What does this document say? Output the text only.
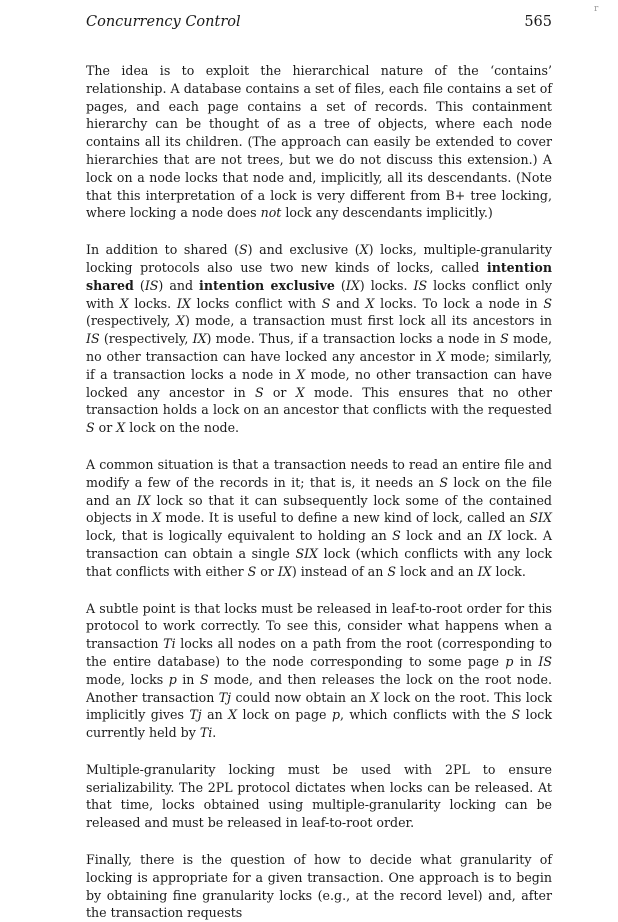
Concurrency Control	565
r

The idea is to exploit the hierarchical nature of the ‘contains’ relationship. A database contains a set of files, each file contains a set of pages, and each page contains a set of records. This containment hierarchy can be thought of as a tree of objects, where each node contains all its children. (The approach can easily be extended to cover hierarchies that are not trees, but we do not discuss this extension.) A lock on a node locks that node and, implicitly, all its descendants. (Note that this interpretation of a lock is very different from B+ tree locking, where locking a node does not lock any descendants implicitly.)

In addition to shared (S) and exclusive (X) locks, multiple-granularity locking protocols also use two new kinds of locks, called intention shared (IS) and intention exclusive (IX) locks. IS locks conflict only with X locks. IX locks conflict with S and X locks. To lock a node in S (respectively, X) mode, a transaction must first lock all its ancestors in IS (respectively, IX) mode. Thus, if a transaction locks a node in S mode, no other transaction can have locked any ancestor in X mode; similarly, if a transaction locks a node in X mode, no other transaction can have locked any ancestor in S or X mode. This ensures that no other transaction holds a lock on an ancestor that conflicts with the requested S or X lock on the node.

A common situation is that a transaction needs to read an entire file and modify a few of the records in it; that is, it needs an S lock on the file and an IX lock so that it can subsequently lock some of the contained objects in X mode. It is useful to define a new kind of lock, called an SIX lock, that is logically equivalent to holding an S lock and an IX lock. A transaction can obtain a single SIX lock (which conflicts with any lock that conflicts with either S or IX) instead of an S lock and an IX lock.

A subtle point is that locks must be released in leaf-to-root order for this protocol to work correctly. To see this, consider what happens when a transaction Ti locks all nodes on a path from the root (corresponding to the entire database) to the node corresponding to some page p in IS mode, locks p in S mode, and then releases the lock on the root node. Another transaction Tj could now obtain an X lock on the root. This lock implicitly gives Tj an X lock on page p, which conflicts with the S lock currently held by Ti.

Multiple-granularity locking must be used with 2PL to ensure serializability. The 2PL protocol dictates when locks can be released. At that time, locks obtained using multiple-granularity locking can be released and must be released in leaf-to-root order.

Finally, there is the question of how to decide what granularity of locking is appropriate for a given transaction. One approach is to begin by obtaining fine granularity locks (e.g., at the record level) and, after the transaction requests
